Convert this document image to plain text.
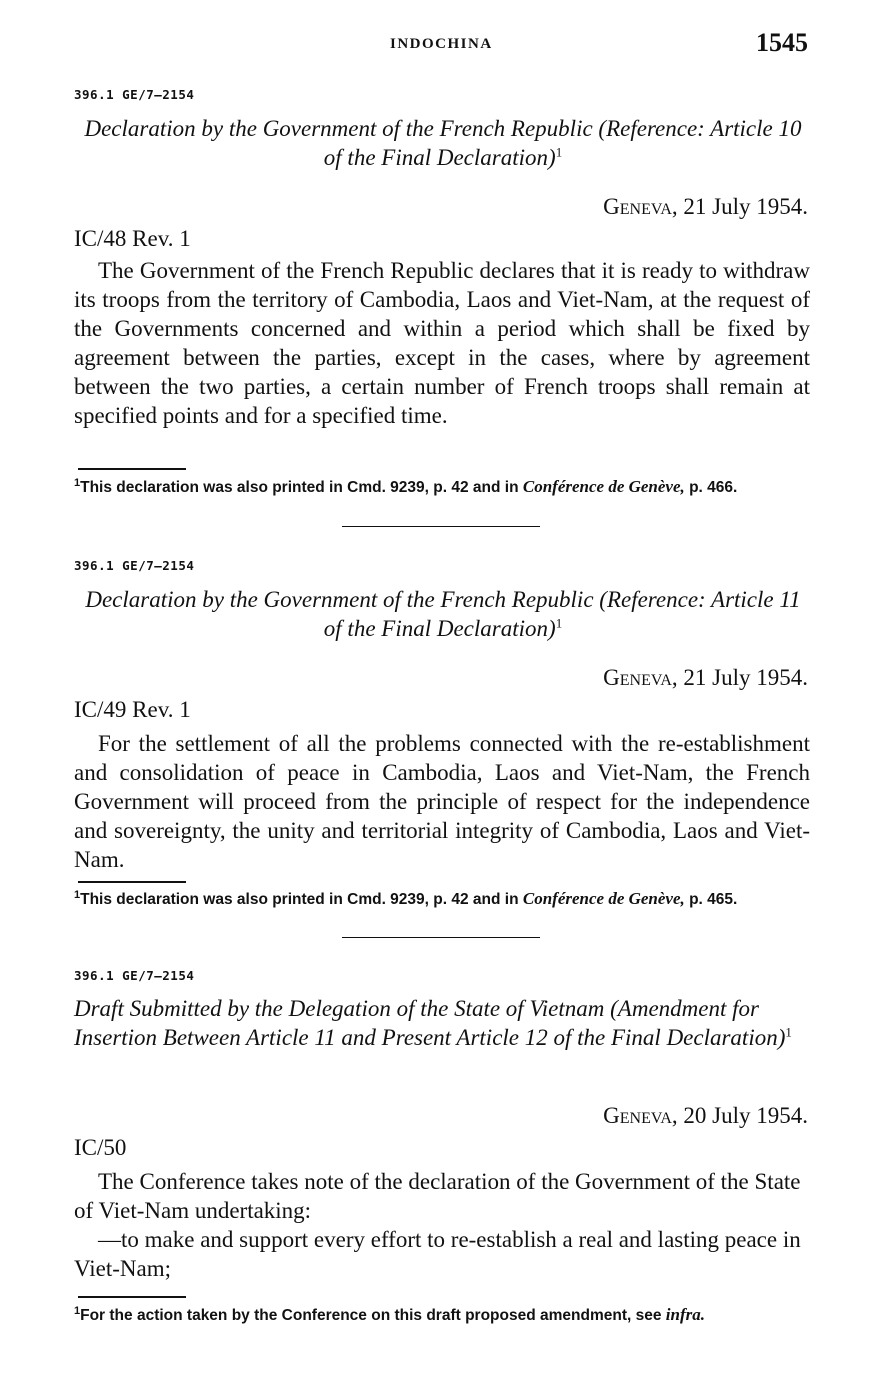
INDOCHINA	1545
396.1 GE/7–2154
Declaration by the Government of the French Republic (Reference: Article 10 of the Final Declaration)$^1$
Geneva, 21 July 1954.
IC/48 Rev. 1

The Government of the French Republic declares that it is ready to withdraw its troops from the territory of Cambodia, Laos and Viet-Nam, at the request of the Governments concerned and within a period which shall be fixed by agreement between the parties, except in the cases, where by agreement between the two parties, a certain number of French troops shall remain at specified points and for a specified time.

$^1$This declaration was also printed in Cmd. 9239, p. 42 and in Conférence de Genève, p. 466.
396.1 GE/7–2154
Declaration by the Government of the French Republic (Reference: Article 11 of the Final Declaration)$^1$
Geneva, 21 July 1954.
IC/49 Rev. 1

For the settlement of all the problems connected with the re-establishment and consolidation of peace in Cambodia, Laos and Viet-Nam, the French Government will proceed from the principle of respect for the independence and sovereignty, the unity and territorial integrity of Cambodia, Laos and Viet-Nam.

$^1$This declaration was also printed in Cmd. 9239, p. 42 and in Conférence de Genève, p. 465.
396.1 GE/7–2154
Draft Submitted by the Delegation of the State of Vietnam (Amendment for Insertion Between Article 11 and Present Article 12 of the Final Declaration)$^1$
Geneva, 20 July 1954.
IC/50

The Conference takes note of the declaration of the Government of the State of Viet-Nam undertaking:

—to make and support every effort to re-establish a real and lasting peace in Viet-Nam;

$^1$For the action taken by the Conference on this draft proposed amendment, see infra.
